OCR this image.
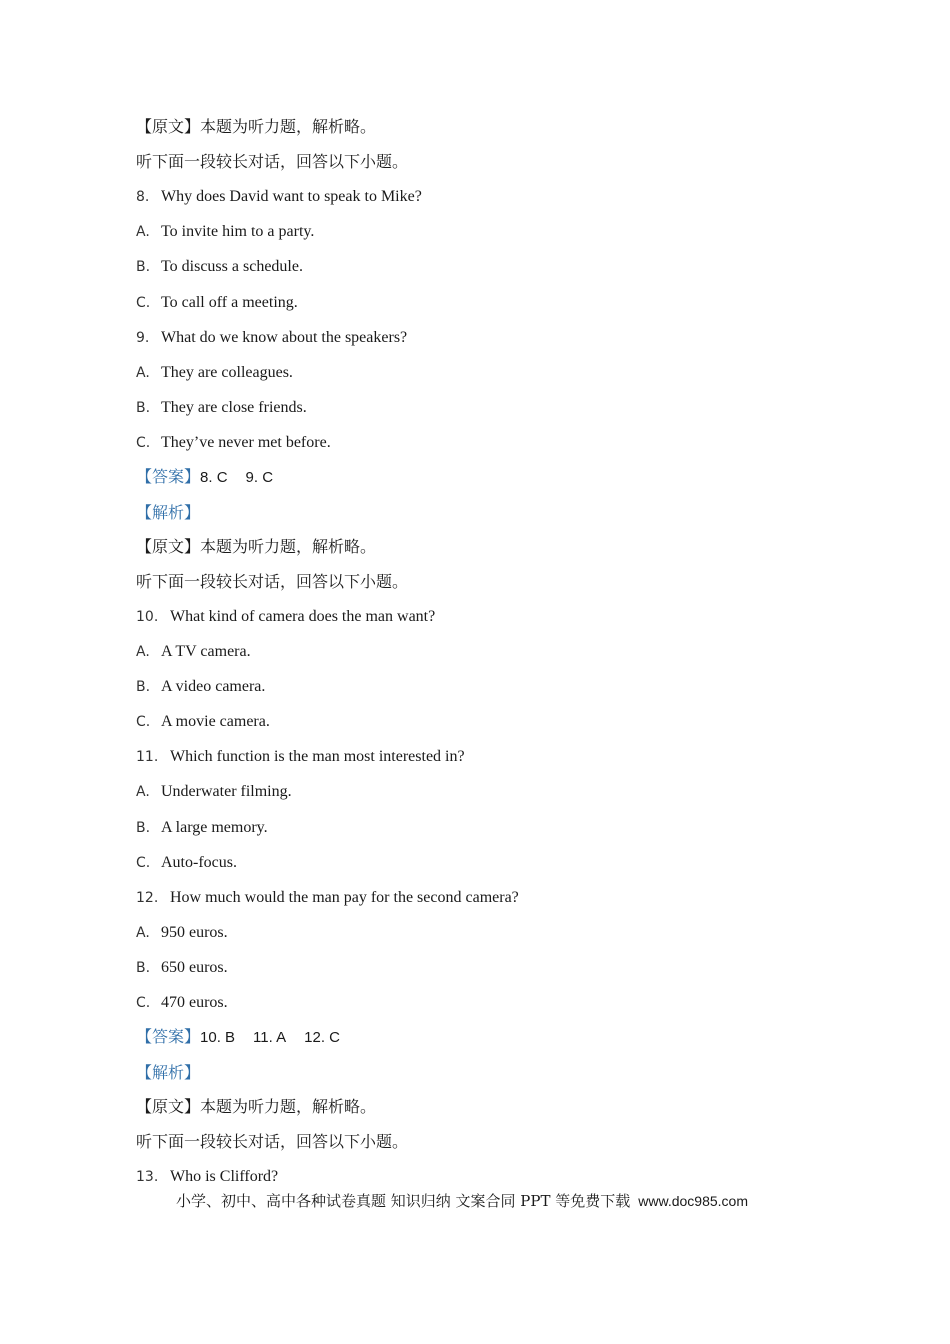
【原文】本题为听力题，解析略。
听下面一段较长对话，回答以下小题。
8. Why does David want to speak to Mike?
A. To invite him to a party.
B. To discuss a schedule.
C. To call off a meeting.
9. What do we know about the speakers?
A. They are colleagues.
B. They are close friends.
C. They’ve never met before.
【答案】8. C 9. C
【解析】
【原文】本题为听力题，解析略。
听下面一段较长对话，回答以下小题。
10. What kind of camera does the man want?
A. A TV camera.
B. A video camera.
C. A movie camera.
11. Which function is the man most interested in?
A. Underwater filming.
B. A large memory.
C. Auto-focus.
12. How much would the man pay for the second camera?
A. 950 euros.
B. 650 euros.
C. 470 euros.
【答案】10. B 11. A 12. C
【解析】
【原文】本题为听力题，解析略。
听下面一段较长对话，回答以下小题。
13. Who is Clifford?
小学、初中、高中各种试卷真题 知识归纳 文案合同 PPT 等免费下载 www.doc985.com
